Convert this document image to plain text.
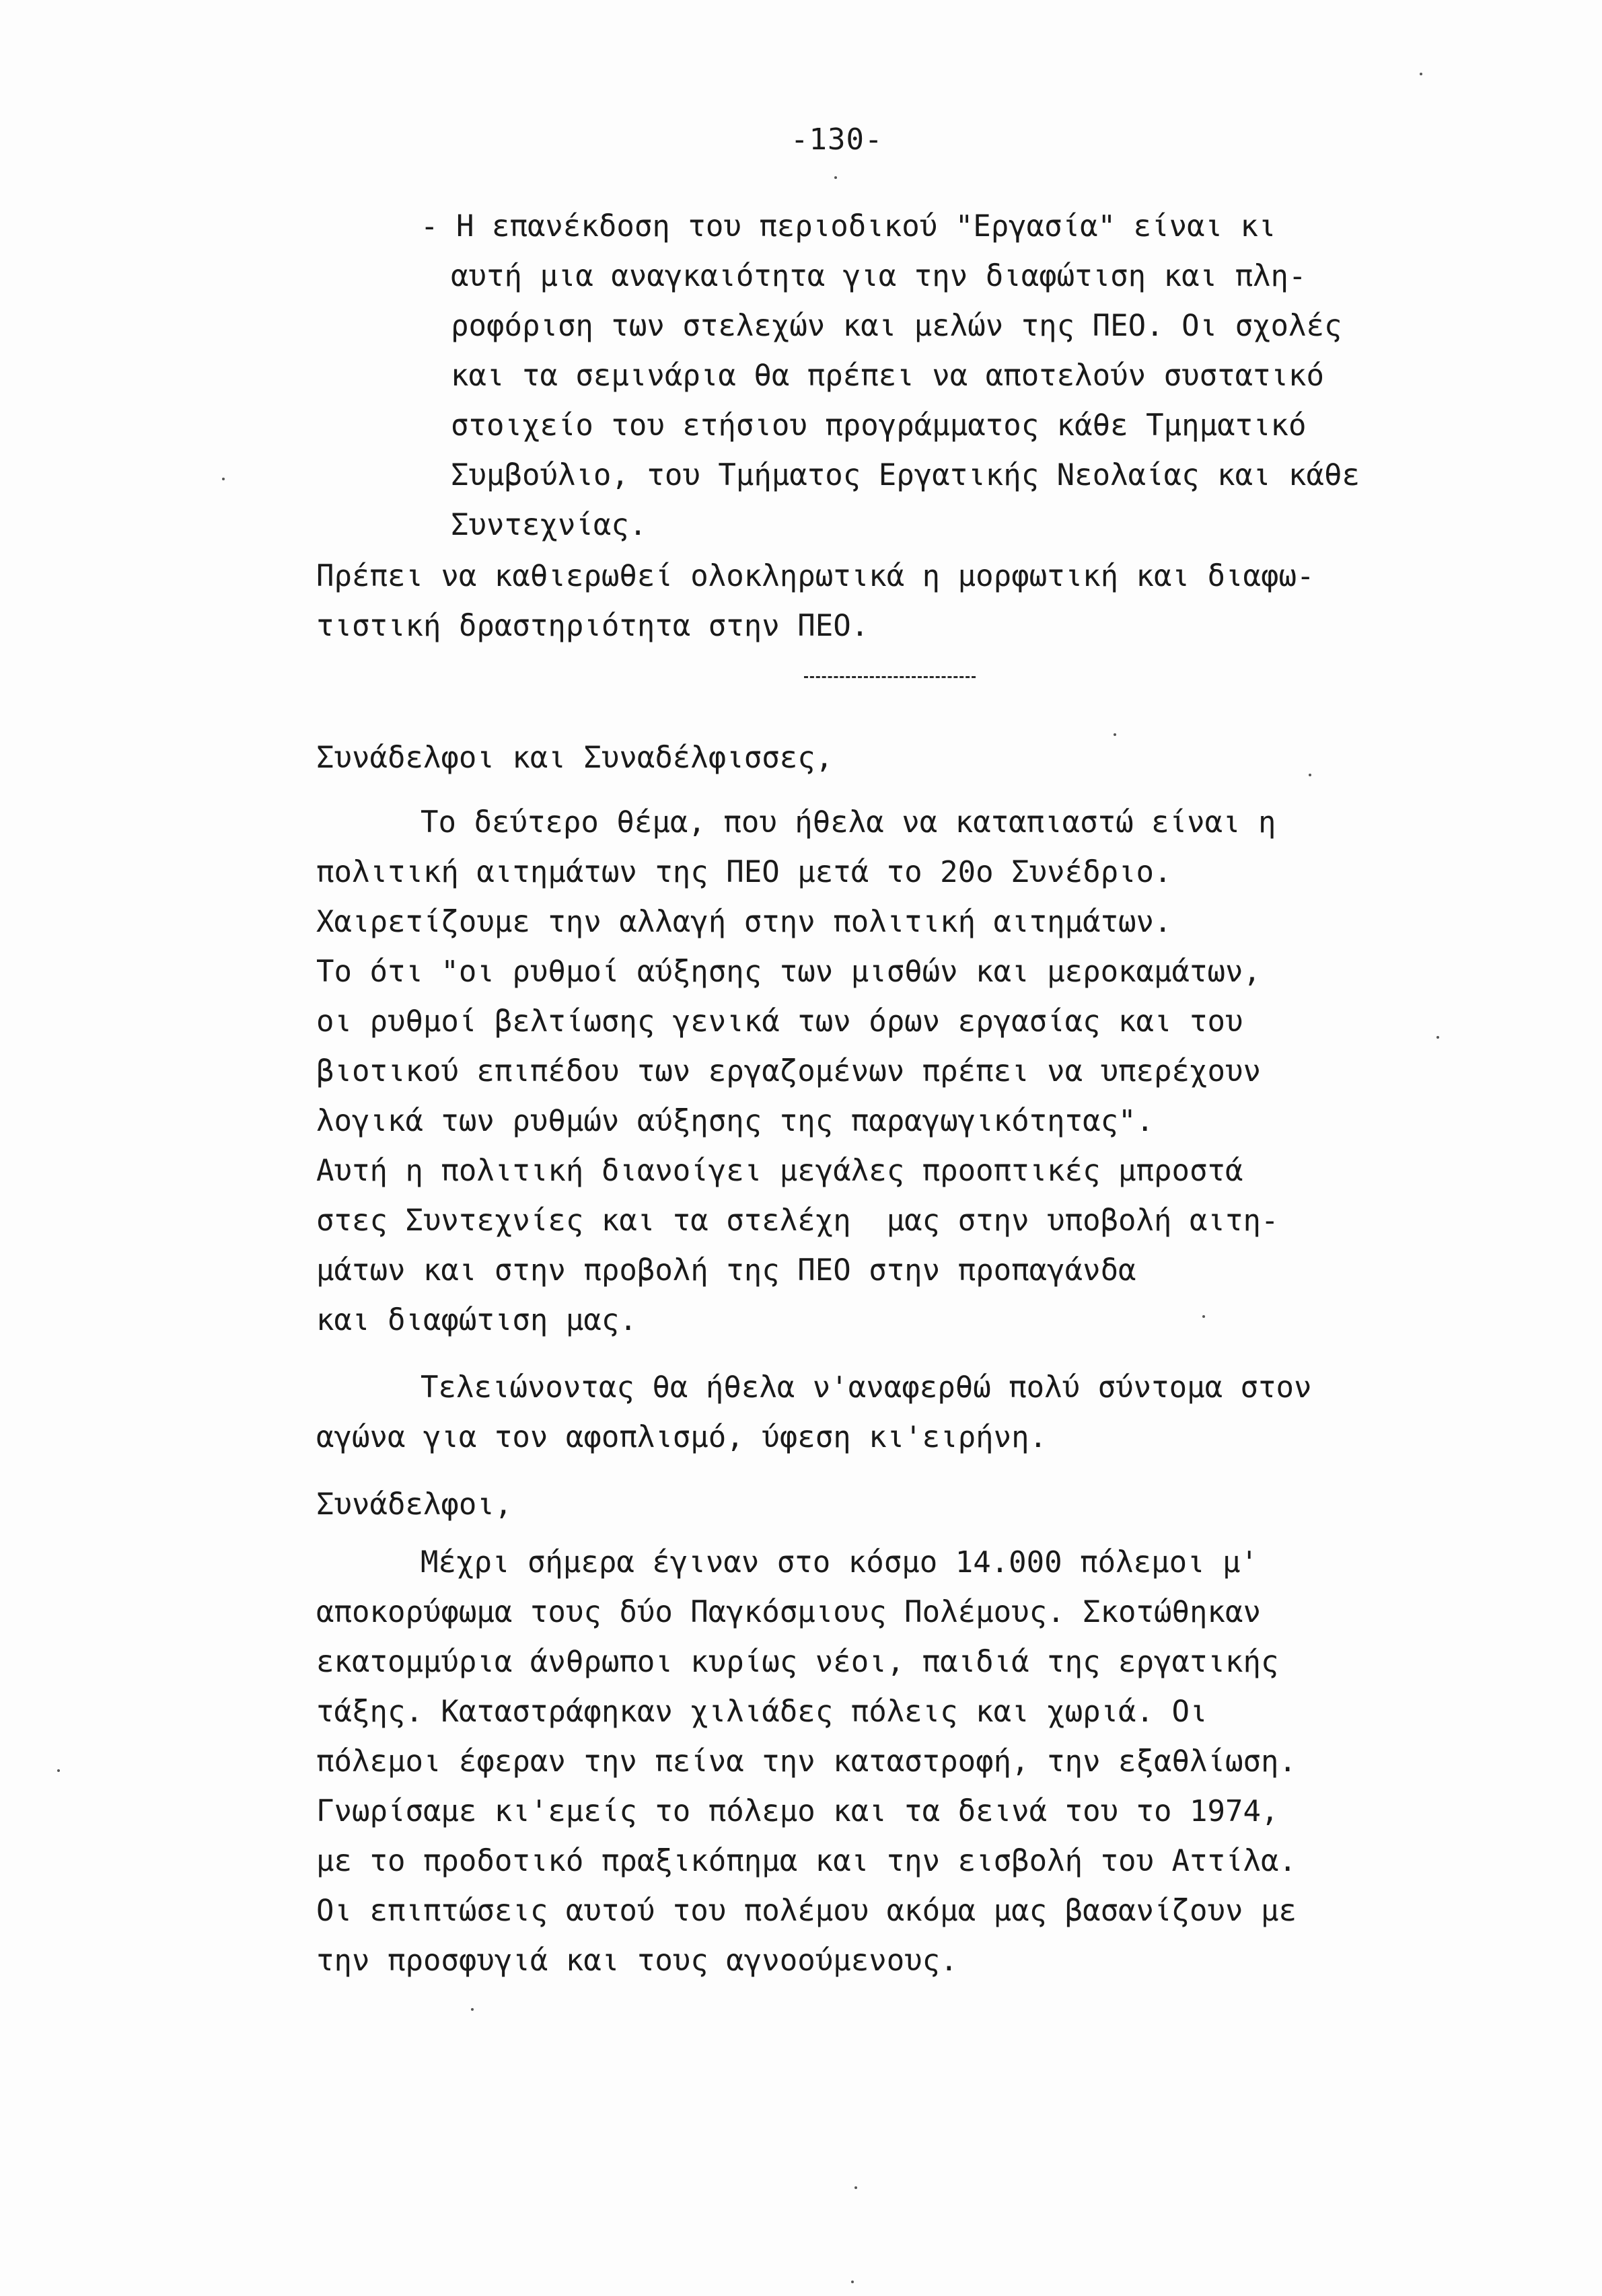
-130-
- Η επανέκδοση του περιοδικού "Εργασία" είναι κι
αυτή μια αναγκαιότητα για την διαφώτιση και πλη-
ροφόριση των στελεχών και μελών της ΠΕΟ. Οι σχολές
και τα σεμινάρια θα πρέπει να αποτελούν συστατικό
στοιχείο του ετήσιου προγράμματος κάθε Τμηματικό
Συμβούλιο, του Τμήματος Εργατικής Νεολαίας και κάθε
Συντεχνίας.
Πρέπει να καθιερωθεί ολοκληρωτικά η μορφωτική και διαφω-
τιστική δραστηριότητα στην ΠΕΟ.
Συνάδελφοι και Συναδέλφισσες,
Το δεύτερο θέμα, που ήθελα να καταπιαστώ είναι η
πολιτική αιτημάτων της ΠΕΟ μετά το 20ο Συνέδριο.
Χαιρετίζουμε την αλλαγή στην πολιτική αιτημάτων.
Το ότι "οι ρυθμοί αύξησης των μισθών και μεροκαμάτων,
οι ρυθμοί βελτίωσης γενικά των όρων εργασίας και του
βιοτικού επιπέδου των εργαζομένων πρέπει να υπερέχουν
λογικά των ρυθμών αύξησης της παραγωγικότητας".
Αυτή η πολιτική διανοίγει μεγάλες προοπτικές μπροστά
στες Συντεχνίες και τα στελέχη  μας στην υποβολή αιτη-
μάτων και στην προβολή της ΠΕΟ στην προπαγάνδα
και διαφώτιση μας.
Τελειώνοντας θα ήθελα ν'αναφερθώ πολύ σύντομα στον
αγώνα για τον αφοπλισμό, ύφεση κι'ειρήνη.
Συνάδελφοι,
Μέχρι σήμερα έγιναν στο κόσμο 14.000 πόλεμοι μ'
αποκορύφωμα τους δύο Παγκόσμιους Πολέμους. Σκοτώθηκαν
εκατομμύρια άνθρωποι κυρίως νέοι, παιδιά της εργατικής
τάξης. Καταστράφηκαν χιλιάδες πόλεις και χωριά. Οι
πόλεμοι έφεραν την πείνα την καταστροφή, την εξαθλίωση.
Γνωρίσαμε κι'εμείς το πόλεμο και τα δεινά του το 1974,
με το προδοτικό πραξικόπημα και την εισβολή του Αττίλα.
Οι επιπτώσεις αυτού του πολέμου ακόμα μας βασανίζουν με
την προσφυγιά και τους αγνοούμενους.
